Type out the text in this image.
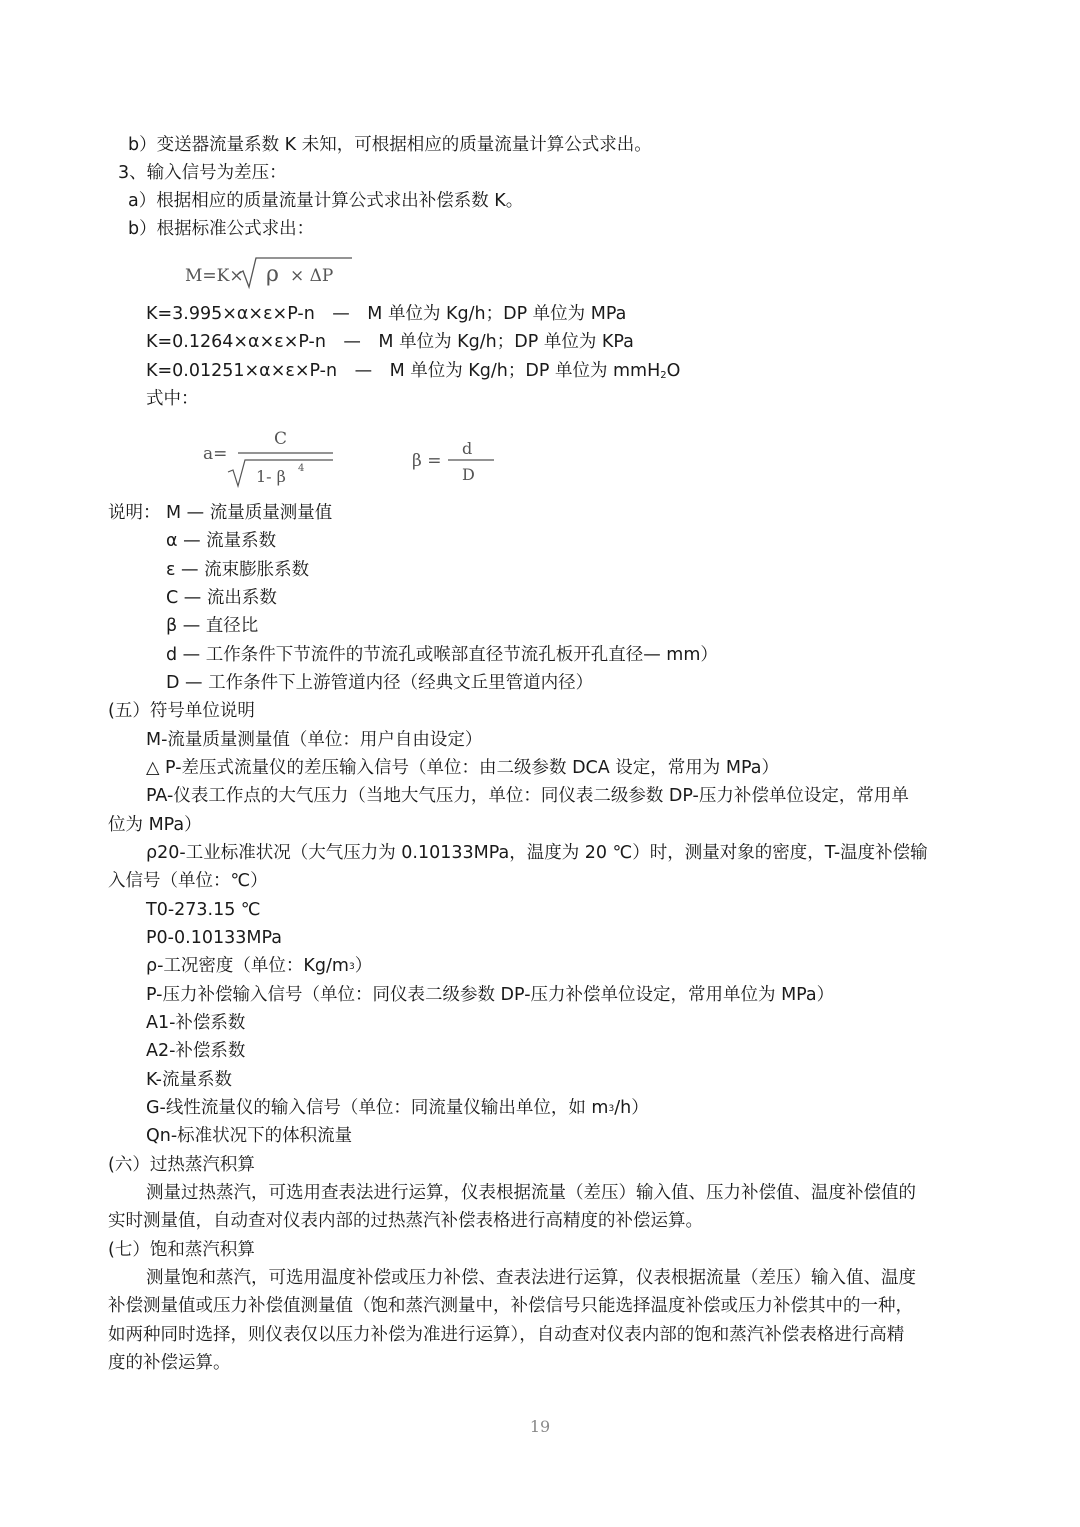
b）变送器流量系数 K 未知，可根据相应的质量流量计算公式求出。
3、输入信号为差压：
a）根据相应的质量流量计算公式求出补偿系数 K。
b）根据标准公式求出：
M=K× ρ × ΔP
K=3.995×α×ε×P-n　—　M 单位为 Kg/h；DP 单位为 MPa
K=0.1264×α×ε×P-n　—　M 单位为 Kg/h；DP 单位为 KPa
K=0.01251×α×ε×P-n　—　M 单位为 Kg/h；DP 单位为 mmH$_2$O
式中：
a=
C
1- β 4	β =
d
D
说明： M — 流量质量测量值
α — 流量系数
ε — 流束膨胀系数
C — 流出系数
β — 直径比
d — 工作条件下节流件的节流孔或喉部直径节流孔板开孔直径— mm）
D — 工作条件下上游管道内径（经典文丘里管道内径）
(五）符号单位说明
M-流量质量测量值（单位：用户自由设定）
△ P-差压式流量仪的差压输入信号（单位：由二级参数 DCA 设定，常用为 MPa）
PA-仪表工作点的大气压力（当地大气压力，单位：同仪表二级参数 DP-压力补偿单位设定，常用单
位为 MPa）
ρ20-工业标准状况（大气压力为 0.10133MPa，温度为 20 ℃）时，测量对象的密度，T-温度补偿输
入信号（单位：℃）
T0-273.15 ℃
P0-0.10133MPa
ρ-工况密度（单位：$Kg/m^3$）
P-压力补偿输入信号（单位：同仪表二级参数 DP-压力补偿单位设定，常用单位为 MPa）
A1-补偿系数
A2-补偿系数
K-流量系数
G-线性流量仪的输入信号（单位：同流量仪输出单位，如 $m^3/h$）
Qn-标准状况下的体积流量
(六）过热蒸汽积算
测量过热蒸汽，可选用查表法进行运算，仪表根据流量（差压）输入值、压力补偿值、温度补偿值的
实时测量值，自动查对仪表内部的过热蒸汽补偿表格进行高精度的补偿运算。
(七）饱和蒸汽积算
测量饱和蒸汽，可选用温度补偿或压力补偿、查表法进行运算，仪表根据流量（差压）输入值、温度
补偿测量值或压力补偿值测量值（饱和蒸汽测量中，补偿信号只能选择温度补偿或压力补偿其中的一种，
如两种同时选择，则仪表仅以压力补偿为准进行运算），自动查对仪表内部的饱和蒸汽补偿表格进行高精
度的补偿运算。
19
